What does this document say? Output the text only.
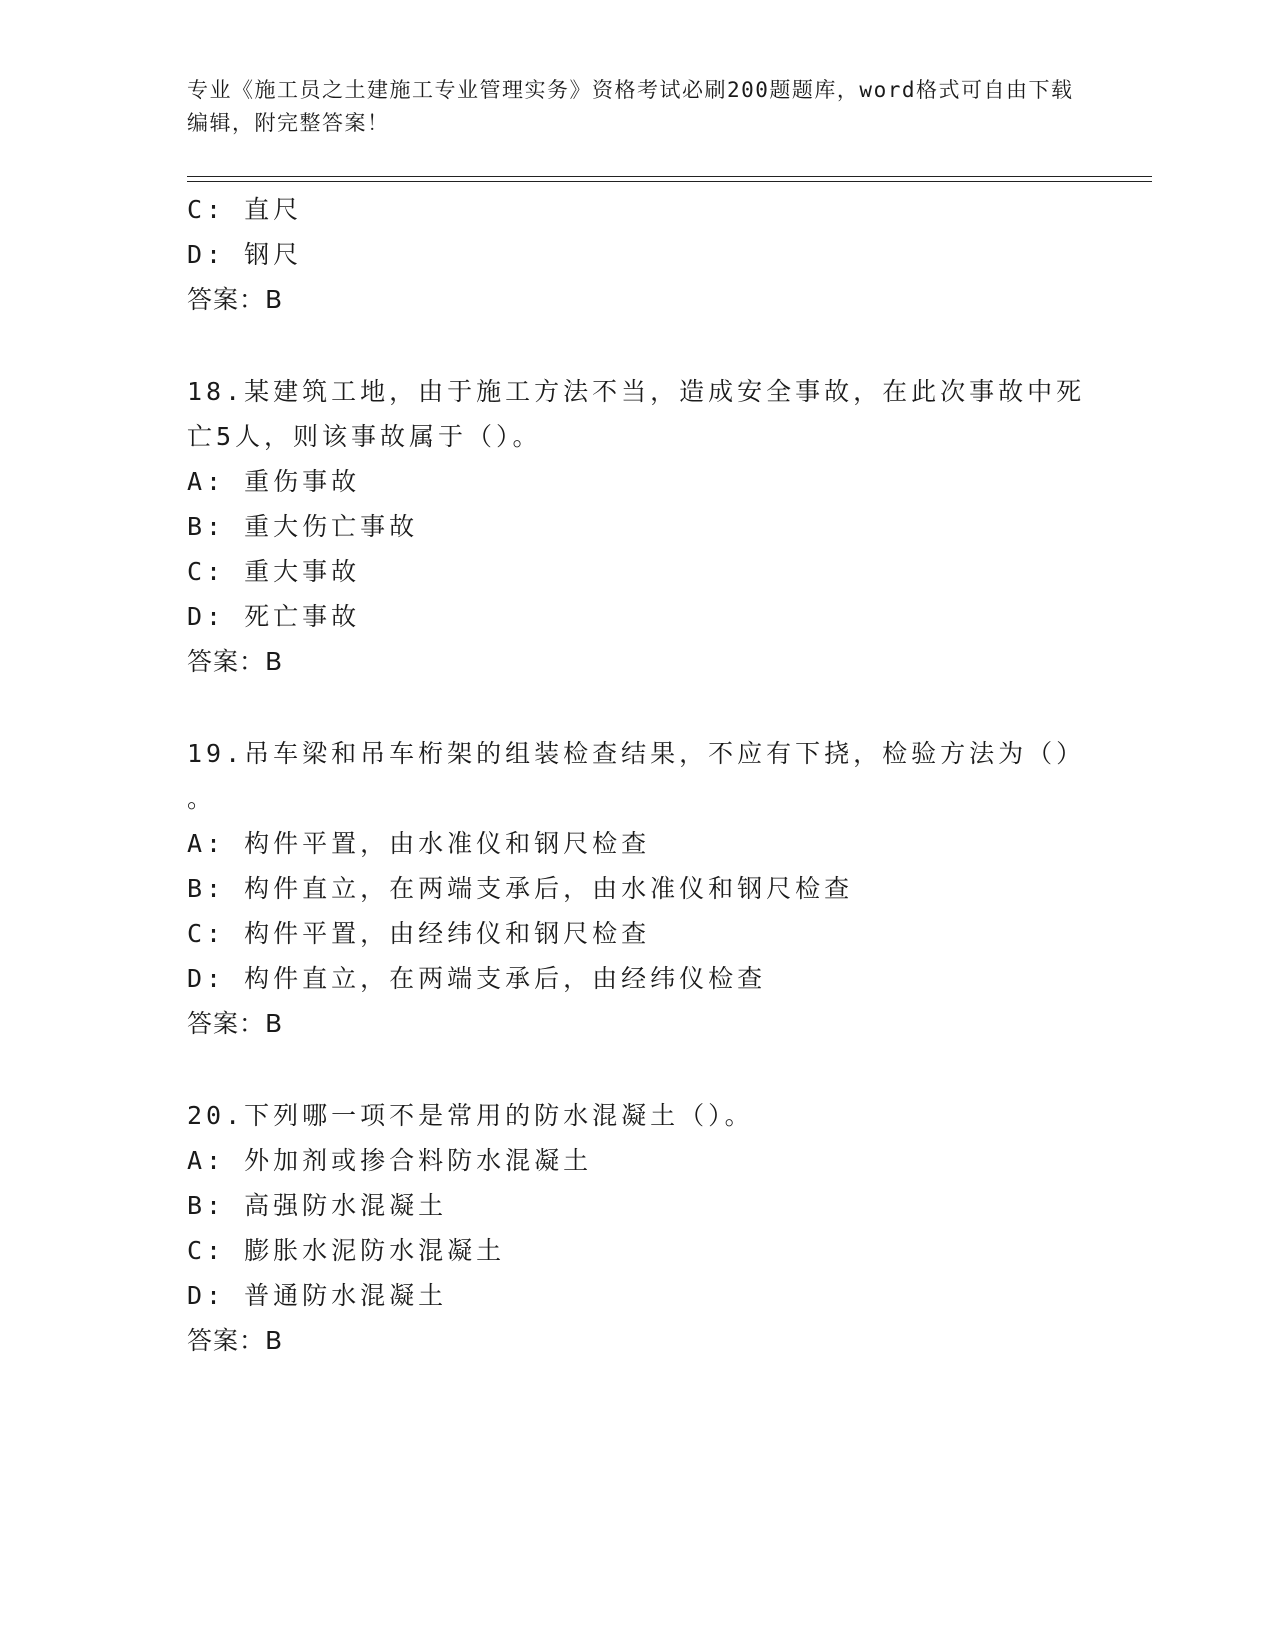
专业《施工员之土建施工专业管理实务》资格考试必刷200题题库，word格式可自由下载编辑，附完整答案！
C: 直尺
D: 钢尺
答案：B
18.某建筑工地，由于施工方法不当，造成安全事故，在此次事故中死
亡5人，则该事故属于（）。
A: 重伤事故
B: 重大伤亡事故
C: 重大事故
D: 死亡事故
答案：B
19.吊车梁和吊车桁架的组装检查结果，不应有下挠，检验方法为（）
。
A: 构件平置，由水准仪和钢尺检查
B: 构件直立，在两端支承后，由水准仪和钢尺检查
C: 构件平置，由经纬仪和钢尺检查
D: 构件直立，在两端支承后，由经纬仪检查
答案：B
20.下列哪一项不是常用的防水混凝土（）。
A: 外加剂或掺合料防水混凝土
B: 高强防水混凝土
C: 膨胀水泥防水混凝土
D: 普通防水混凝土
答案：B
